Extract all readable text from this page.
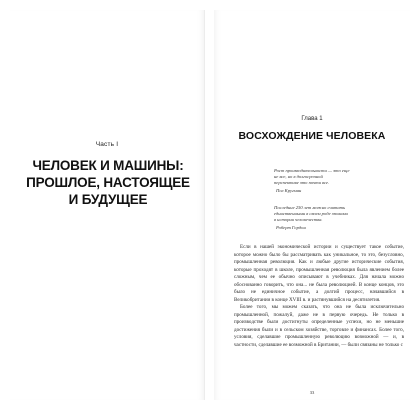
Часть I
ЧЕЛОВЕК И МАШИНЫ:
ПРОШЛОЕ, НАСТОЯЩЕЕ
И БУДУЩЕЕ
Глава 1
ВОСХОЖДЕНИЕ ЧЕЛОВЕКА
Рост производительности — это еще
не все, но в долгосрочной
перспективе это почти все.
Пол Кругман
Последние 250 лет можно считать
единственными в своем роде эпохами
в истории человечества.
Роберт Гордон

Если в нашей экономической истории и существует такое событие, которое можно было бы рассматривать как уникальное, то это, безусловно, промышленная революция. Как и любые другие исторические события, которые проходят в школе, промышленная революция была явлением более сложным, чем ее обычно описывают в учебниках. Для начала можно обоснованно говорить, что она... не была революцией. В конце концов, это было не единичное событие, а долгий процесс, начавшийся в Великобритании в конце XVIII в. и растянувшийся на десятилетия.

Более того, мы можем сказать, что она не была исключительно промышленной, пожалуй, даже не в первую очередь. Не только в производстве были достигнуты определенные успехи, но не меньшие достижения были и в сельском хозяйстве, торговле и финансах. Более того, условия, сделавшие промышленную революцию возможной — и, в частности, сделавшие ее возможной в Британии, — были связаны не только с

33
